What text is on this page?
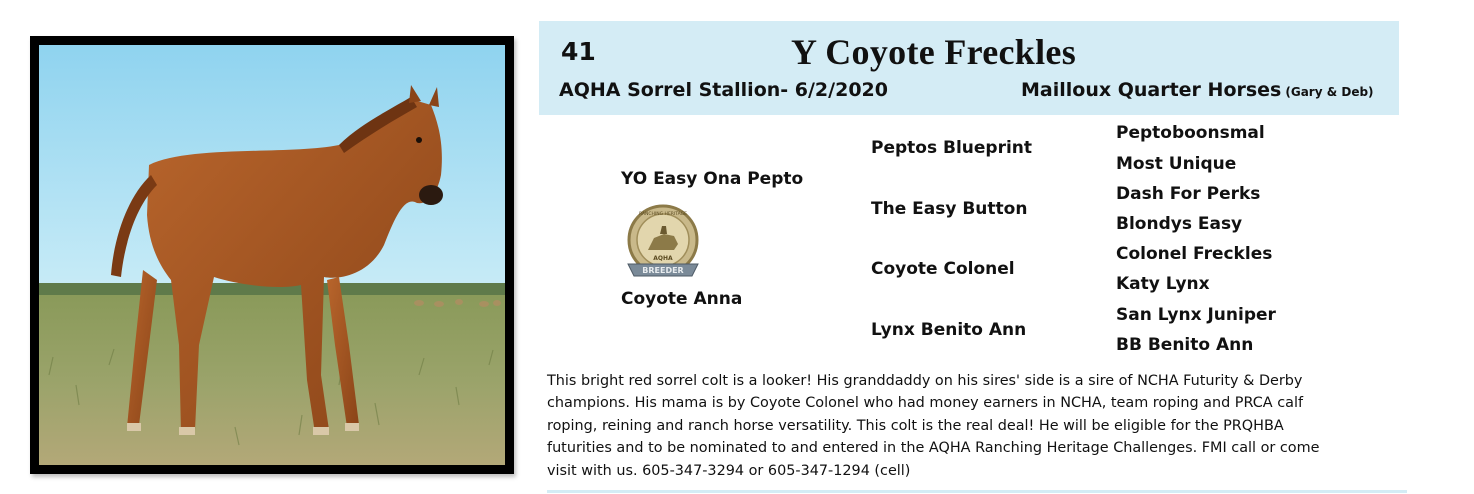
41	Y Coyote Freckles
AQHA Sorrel Stallion- 6/2/2020	Mailloux Quarter Horses (Gary & Deb)
YO Easy Ona Pepto
Coyote Anna
BREEDER
AQHA
RANCHING HERITAGE
Peptos Blueprint
The Easy Button
Coyote Colonel
Lynx Benito Ann
Peptoboonsmal
Most Unique
Dash For Perks
Blondys Easy
Colonel Freckles
Katy Lynx
San Lynx Juniper
BB Benito Ann
This bright red sorrel colt is a looker! His granddaddy on his sires' side is a sire of NCHA Futurity & Derby
champions. His mama is by Coyote Colonel who had money earners in NCHA, team roping and PRCA calf
roping, reining and ranch horse versatility. This colt is the real deal! He will be eligible for the PRQHBA
futurities and to be nominated to and entered in the AQHA Ranching Heritage Challenges. FMI call or come
visit with us. 605-347-3294 or 605-347-1294 (cell)
